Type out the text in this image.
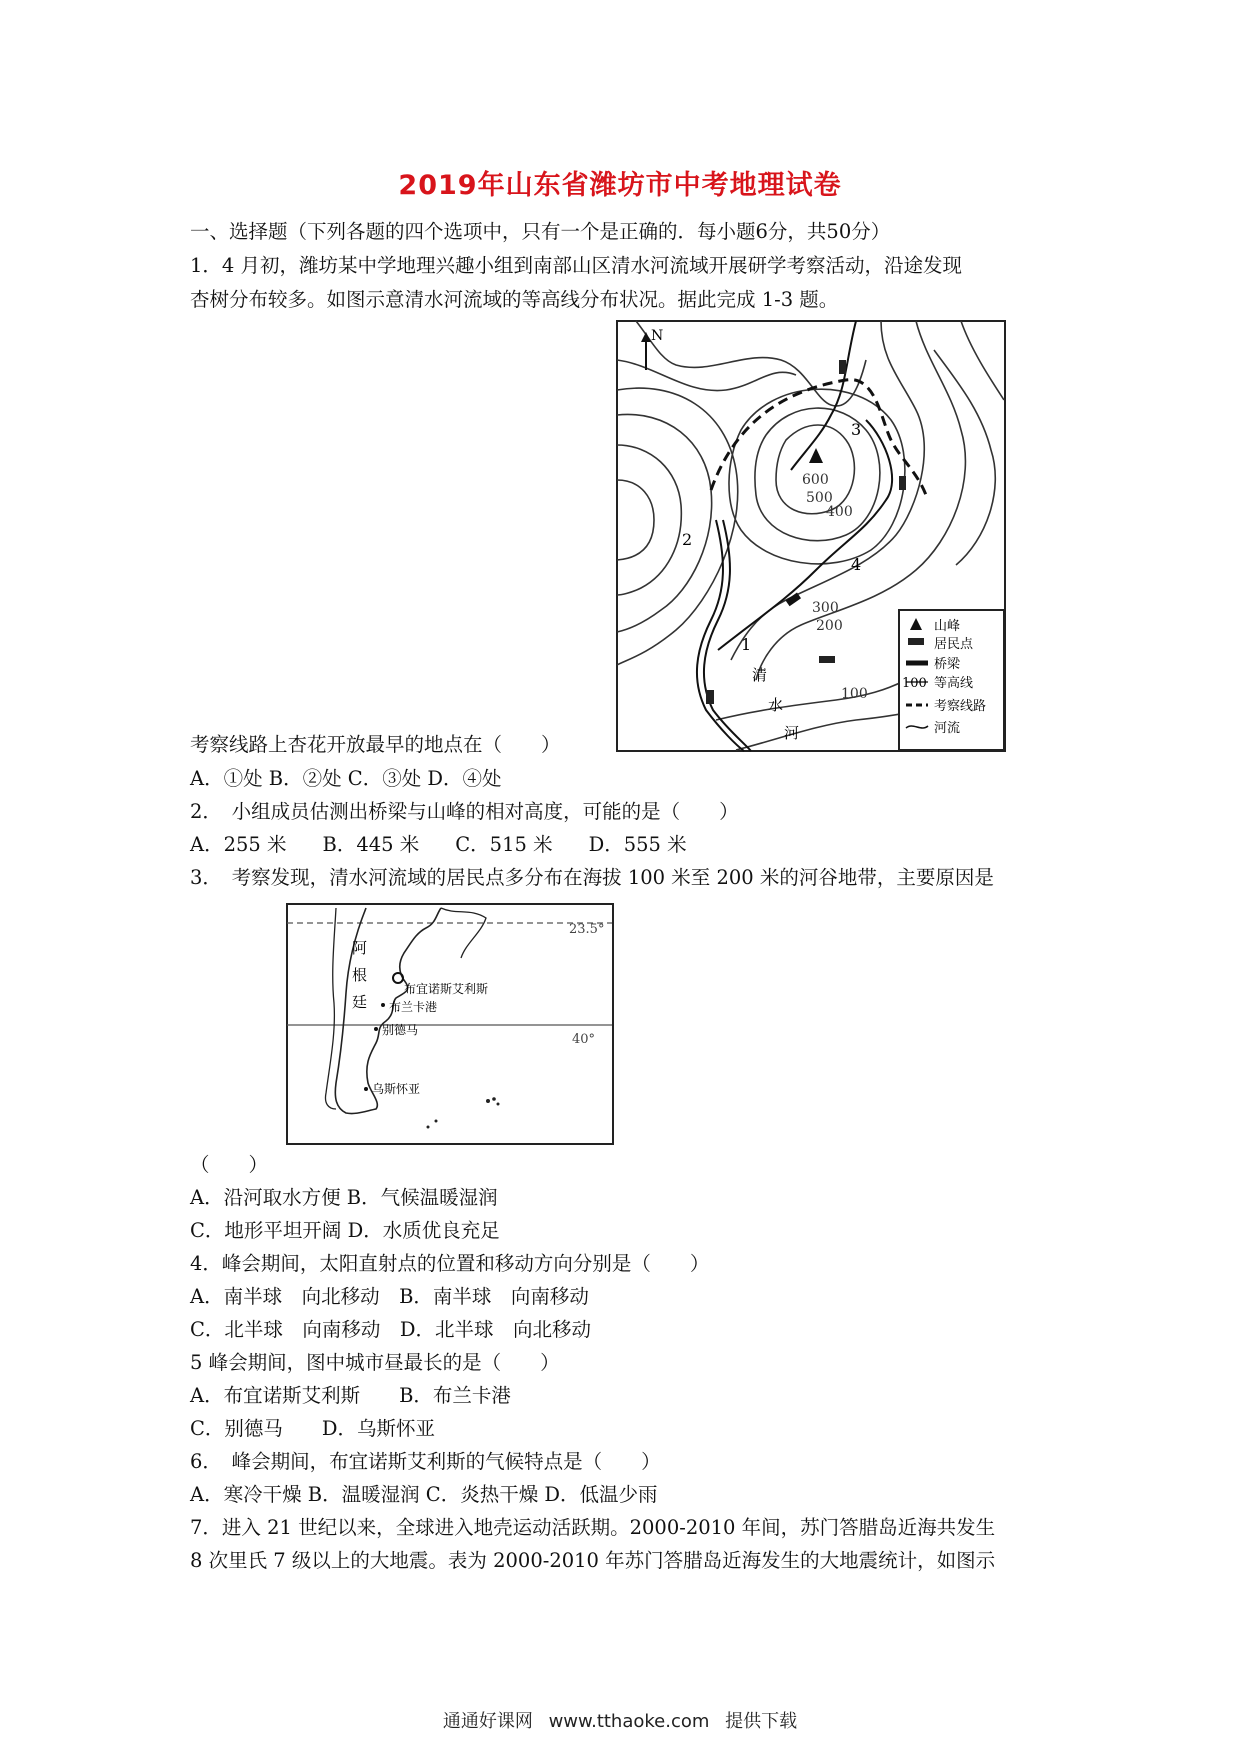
2019年山东省潍坊市中考地理试卷
一、选择题（下列各题的四个选项中，只有一个是正确的．每小题6分，共50分）
1．4 月初，潍坊某中学地理兴趣小组到南部山区清水河流域开展研学考察活动，沿途发现
杏树分布较多。如图示意清水河流域的等高线分布状况。据此完成 1-3 题。
N
2
1
3
4
600
500
400
300
200
100
清
水
河
山峰
居民点
桥梁
100 等高线
考察线路
河流
考察线路上杏花开放最早的地点在（　　）
A．①处 B．②处 C．③处 D．④处
2．　小组成员估测出桥梁与山峰的相对高度，可能的是（　　）
A．255 米 B．445 米 C．515 米 D．555 米
3．　考察发现，清水河流域的居民点多分布在海拔 100 米至 200 米的河谷地带，主要原因是
23.5°
40°
阿
根
廷
布宜诺斯艾利斯
布兰卡港
别德马
乌斯怀亚
（　　）
A．沿河取水方便 B．气候温暖湿润
C．地形平坦开阔 D．水质优良充足
4．峰会期间，太阳直射点的位置和移动方向分别是（　　）
A．南半球　向北移动　B．南半球　向南移动
C．北半球　向南移动　D．北半球　向北移动
5 峰会期间，图中城市昼最长的是（　　）
A．布宜诺斯艾利斯　　B．布兰卡港
C．别德马　　D．乌斯怀亚
6．　峰会期间，布宜诺斯艾利斯的气候特点是（　　）
A．寒冷干燥 B．温暖湿润 C．炎热干燥 D．低温少雨
7．进入 21 世纪以来，全球进入地壳运动活跃期。2000-2010 年间，苏门答腊岛近海共发生
8 次里氏 7 级以上的大地震。表为 2000-2010 年苏门答腊岛近海发生的大地震统计，如图示
通通好课网 www.tthaoke.com 提供下载
